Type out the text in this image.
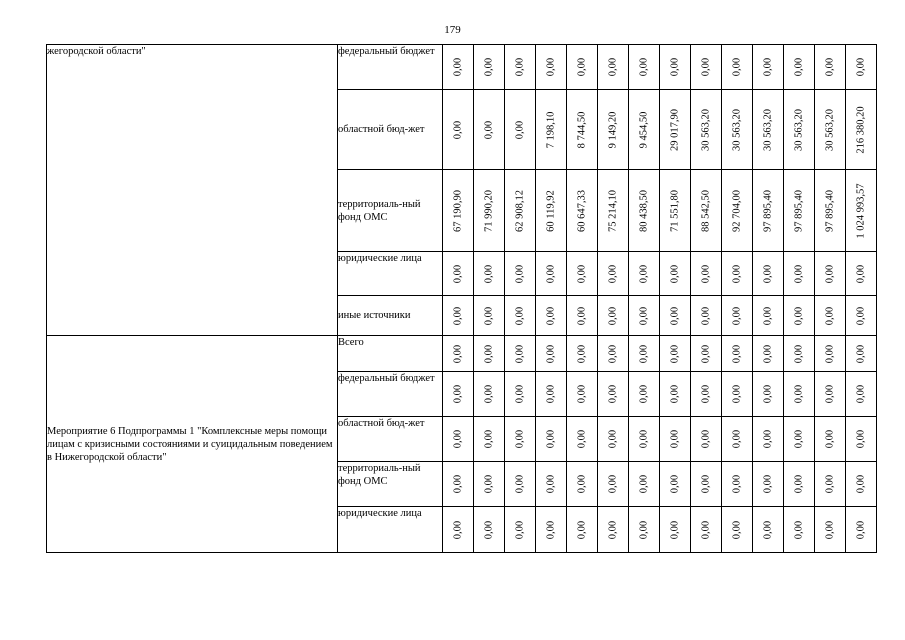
179
жегородской области"	федеральный бюджет	0,00	0,00	0,00	0,00	0,00	0,00	0,00	0,00	0,00	0,00	0,00	0,00	0,00	0,00

	областной бюд-жет	0,00	0,00	0,00	7 198,10	8 744,50	9 149,20	9 454,50	29 017,90	30 563,20	30 563,20	30 563,20	30 563,20	30 563,20	216 380,20

	территориаль-ный фонд ОМС	67 190,90	71 990,20	62 908,12	60 119,92	60 647,33	75 214,10	80 438,50	71 551,80	88 542,50	92 704,00	97 895,40	97 895,40	97 895,40	1 024 993,57

	юридические лица	0,00	0,00	0,00	0,00	0,00	0,00	0,00	0,00	0,00	0,00	0,00	0,00	0,00	0,00

	иные источники	0,00	0,00	0,00	0,00	0,00	0,00	0,00	0,00	0,00	0,00	0,00	0,00	0,00	0,00

Мероприятие 6 Подпрограммы 1 "Комплексные меры помощи лицам с кризисными состояниями и суицидальным поведением в Нижегородской области"	Всего	0,00	0,00	0,00	0,00	0,00	0,00	0,00	0,00	0,00	0,00	0,00	0,00	0,00	0,00

	федеральный бюджет	0,00	0,00	0,00	0,00	0,00	0,00	0,00	0,00	0,00	0,00	0,00	0,00	0,00	0,00

	областной бюд-жет	0,00	0,00	0,00	0,00	0,00	0,00	0,00	0,00	0,00	0,00	0,00	0,00	0,00	0,00

	территориаль-ный фонд ОМС	0,00	0,00	0,00	0,00	0,00	0,00	0,00	0,00	0,00	0,00	0,00	0,00	0,00	0,00

	юридические лица	0,00	0,00	0,00	0,00	0,00	0,00	0,00	0,00	0,00	0,00	0,00	0,00	0,00	0,00
